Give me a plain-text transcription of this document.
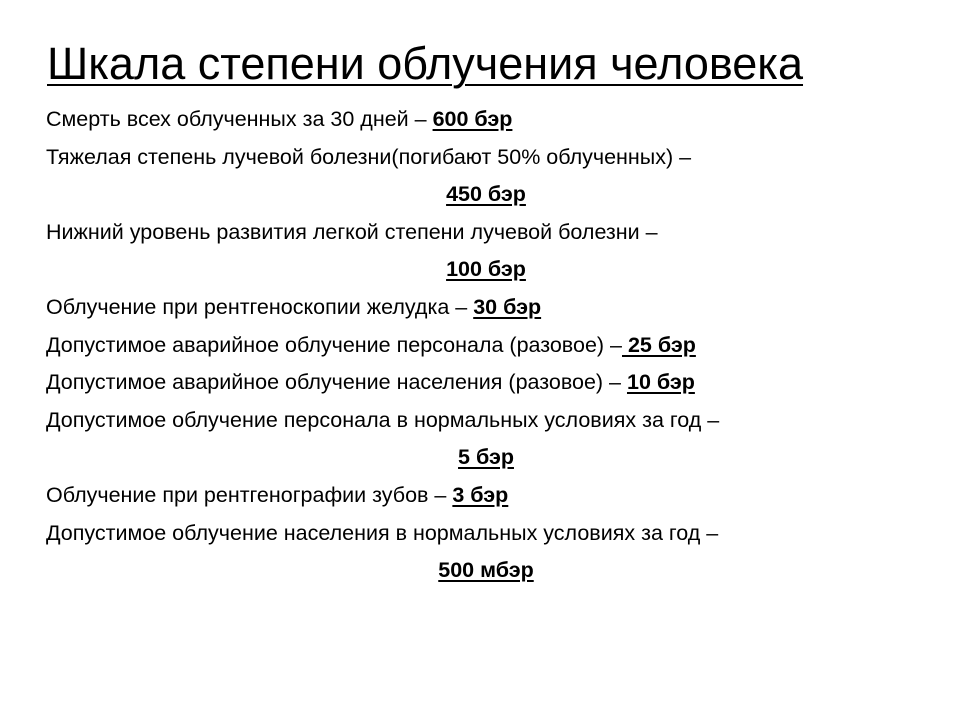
Шкала степени облучения человека
Смерть всех облученных за 30 дней – 600 бэр
Тяжелая степень лучевой болезни(погибают 50% облученных) –
450 бэр
Нижний уровень развития легкой степени лучевой болезни –
100 бэр
Облучение при рентгеноскопии желудка – 30 бэр
Допустимое аварийное облучение персонала (разовое) – 25 бэр
Допустимое аварийное облучение населения (разовое) – 10 бэр
Допустимое облучение персонала в нормальных условиях за год –
5 бэр
Облучение при рентгенографии зубов – 3 бэр
Допустимое облучение населения в нормальных условиях за год –
500 мбэр
